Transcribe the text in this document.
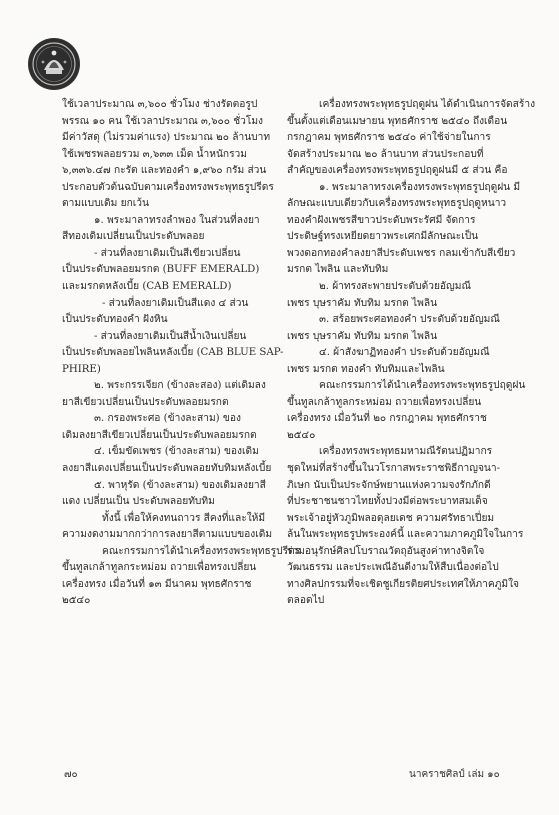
ใช้เวลาประมาณ ๓,๖๐๐ ชั่วโมง ช่างรัดตอรูป

พรรณ ๑๐ คน ใช้เวลาประมาณ ๓,๖๐๐ ชั่วโมง

มีค่าวัสดุ (ไม่รวมค่าแรง) ประมาณ ๒๐ ล้านบาท

ใช้เพชรพลอยรวม ๓,๖๓๓ เม็ด น้ำหนักรวม

๖,๓๓๖.๔๗ กะรัต และทองคำ ๑,๙๖๐ กรัม ส่วน

ประกอบตัวต้นฉบับตามเครื่องทรงพระพุทธรูปรีดร

ตามแบบเดิม ยกเว้น

๑. พระมาลาทรงลำพอง ในส่วนที่ลงยา

สีทองเดิมเปลี่ยนเป็นประดับพลอย

- ส่วนที่ลงยาเดิมเป็นสีเขียวเปลี่ยน

เป็นประดับพลอยมรกต (BUFF EMERALD)

และมรกตหลังเบี้ย (CAB EMERALD)

- ส่วนที่ลงยาเดิมเป็นสีแดง ๔ ส่วน

เป็นประดับทองคำ ฝังหิน

- ส่วนที่ลงยาเดิมเป็นสีน้ำเงินเปลี่ยน

เป็นประดับพลอยไพลินหลังเบี้ย (CAB BLUE SAP-

PHIRE)

๒. พระกรรเจียก (ข้างละสอง) แต่เดิมลง

ยาสีเขียวเปลี่ยนเป็นประดับพลอยมรกต

๓. กรองพระศอ (ข้างละสาม) ของ

เดิมลงยาสีเขียวเปลี่ยนเป็นประดับพลอยมรกต

๔. เข็มขัดเพชร (ข้างละสาม) ของเดิม

ลงยาสีแดงเปลี่ยนเป็นประดับพลอยทับทิมหลังเบี้ย

๕. พาหุรัด (ข้างละสาม) ของเดิมลงยาสี

แดง เปลี่ยนเป็น ประดับพลอยทับทิม

ทั้งนี้ เพื่อให้คงทนถาวร สีคงที่และให้มี

ความงดงามมากกว่าการลงยาสีตามแบบของเดิม

คณะกรรมการได้นำเครื่องทรงพระพุทธรูปรีดร

ขึ้นทูลเกล้าทูลกระหม่อม ถวายเพื่อทรงเปลี่ยน

เครื่องทรง เมื่อวันที่ ๑๓ มีนาคม พุทธศักราช

๒๕๔๐

เครื่องทรงพระพุทธรูปฤดูฝน ได้ดำเนินการจัดสร้าง

ขึ้นตั้งแต่เดือนเมษายน พุทธศักราช ๒๕๔๐ ถึงเดือน

กรกฎาคม พุทธศักราช ๒๕๔๐ ค่าใช้จ่ายในการ

จัดสร้างประมาณ ๒๐ ล้านบาท ส่วนประกอบที่

สำคัญของเครื่องทรงพระพุทธรูปฤดูฝนมี ๕ ส่วน คือ

๑. พระมาลาทรงเครื่องทรงพระพุทธรูปฤดูฝน มี

ลักษณะแบบเดียวกับเครื่องทรงพระพุทธรูปฤดูหนาว

ทองคำฝังเพชรสีขาวประดับพระรัศมี จัดการ

ประดิษฐ์ทรงเหยียดยาวพระเศกมีลักษณะเป็น

พวงดอกทองคำลงยาสีประดับเพชร กลมเข้ากับสีเขียว

มรกต ไพลิน และทับทิม

๒. ผ้าทรงสะพายประดับด้วยอัญมณี

เพชร บุษราคัม ทับทิม มรกต ไพลิน

๓. สร้อยพระศอทองคำ ประดับด้วยอัญมณี

เพชร บุษราคัม ทับทิม มรกต ไพลิน

๔. ผ้าสังฆาฏิทองคำ ประดับด้วยอัญมณี

เพชร มรกต ทองคำ ทับทิมและไพลิน

คณะกรรมการได้นำเครื่องทรงพระพุทธรูปฤดูฝน

ขึ้นทูลเกล้าทูลกระหม่อม ถวายเพื่อทรงเปลี่ยน

เครื่องทรง เมื่อวันที่ ๒๐ กรกฎาคม พุทธศักราช

๒๕๔๐

เครื่องทรงพระพุทธมหามณีรัตนปฏิมากร

ชุดใหม่ที่สร้างขึ้นในวโรกาสพระราชพิธีกาญจนา-

ภิเษก นับเป็นประจักษ์พยานแห่งความจงรักภักดี

ที่ประชาชนชาวไทยทั้งปวงมีต่อพระบาทสมเด็จ

พระเจ้าอยู่หัวภูมิพลอดุลยเดช ความศรัทธาเปี่ยม

ล้นในพระพุทธรูปพระองค์นี้ และความภาคภูมิใจในการ

ร่วมอนุรักษ์ศิลปโบราณวัตถุอันสูงค่าทางจิตใจ

วัฒนธรรม และประเพณีอันดีงามให้สืบเนื่องต่อไป

ทางศิลปกรรมที่จะเชิดชูเกียรติยศประเทศให้ภาคภูมิใจ

ตลอดไป

๗๐	นาคราชศิลป์ เล่ม ๑๐
